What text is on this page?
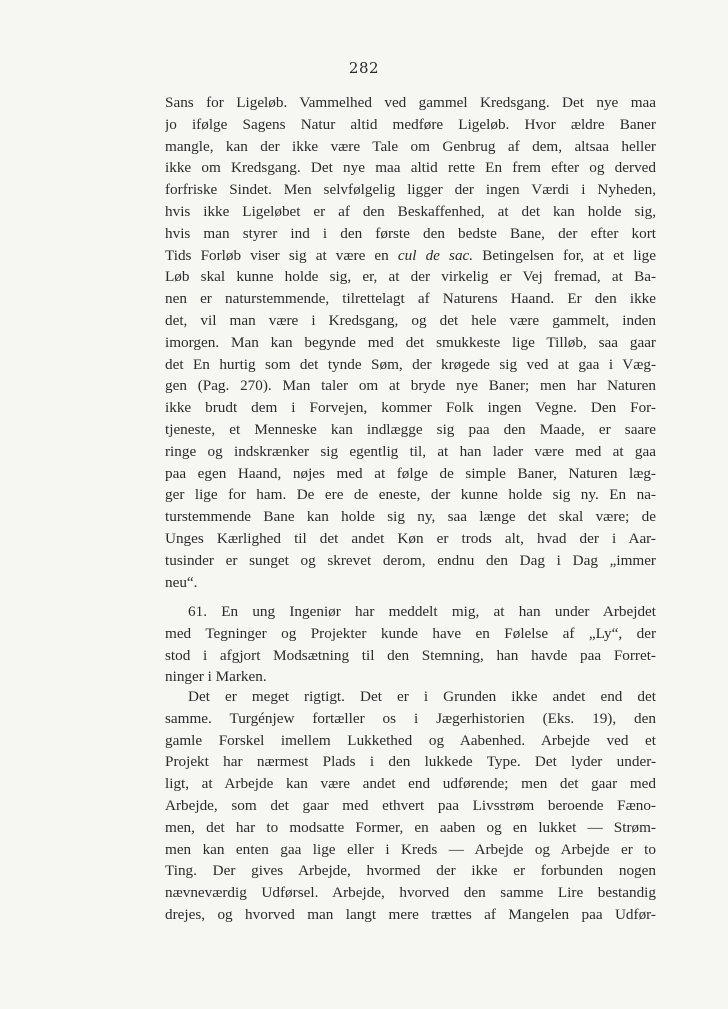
282
Sans for Ligeløb. Vammelhed ved gammel Kredsgang. Det nye maa
jo ifølge Sagens Natur altid medføre Ligeløb. Hvor ældre Baner
mangle, kan der ikke være Tale om Genbrug af dem, altsaa heller
ikke om Kredsgang. Det nye maa altid rette En frem efter og derved
forfriske Sindet. Men selvfølgelig ligger der ingen Værdi i Nyheden,
hvis ikke Ligeløbet er af den Beskaffenhed, at det kan holde sig,
hvis man styrer ind i den første den bedste Bane, der efter kort
Tids Forløb viser sig at være en cul de sac. Betingelsen for, at et lige
Løb skal kunne holde sig, er, at der virkelig er Vej fremad, at Ba-
nen er naturstemmende, tilrettelagt af Naturens Haand. Er den ikke
det, vil man være i Kredsgang, og det hele være gammelt, inden
imorgen. Man kan begynde med det smukkeste lige Tilløb, saa gaar
det En hurtig som det tynde Søm, der krøgede sig ved at gaa i Væg-
gen (Pag. 270). Man taler om at bryde nye Baner; men har Naturen
ikke brudt dem i Forvejen, kommer Folk ingen Vegne. Den For-
tjeneste, et Menneske kan indlægge sig paa den Maade, er saare
ringe og indskrænker sig egentlig til, at han lader være med at gaa
paa egen Haand, nøjes med at følge de simple Baner, Naturen læg-
ger lige for ham. De ere de eneste, der kunne holde sig ny. En na-
turstemmende Bane kan holde sig ny, saa længe det skal være; de
Unges Kærlighed til det andet Køn er trods alt, hvad der i Aar-
tusinder er sunget og skrevet derom, endnu den Dag i Dag „immer
neu“.
61. En ung Ingeniør har meddelt mig, at han under Arbejdet
med Tegninger og Projekter kunde have en Følelse af „Ly“, der
stod i afgjort Modsætning til den Stemning, han havde paa Forret-
ninger i Marken.
Det er meget rigtigt. Det er i Grunden ikke andet end det
samme. Turgénjew fortæller os i Jægerhistorien (Eks. 19), den
gamle Forskel imellem Lukkethed og Aabenhed. Arbejde ved et
Projekt har nærmest Plads i den lukkede Type. Det lyder under-
ligt, at Arbejde kan være andet end udførende; men det gaar med
Arbejde, som det gaar med ethvert paa Livsstrøm beroende Fæno-
men, det har to modsatte Former, en aaben og en lukket — Strøm-
men kan enten gaa lige eller i Kreds — Arbejde og Arbejde er to
Ting. Der gives Arbejde, hvormed der ikke er forbunden nogen
nævneværdig Udførsel. Arbejde, hvorved den samme Lire bestandig
drejes, og hvorved man langt mere trættes af Mangelen paa Udfør-
